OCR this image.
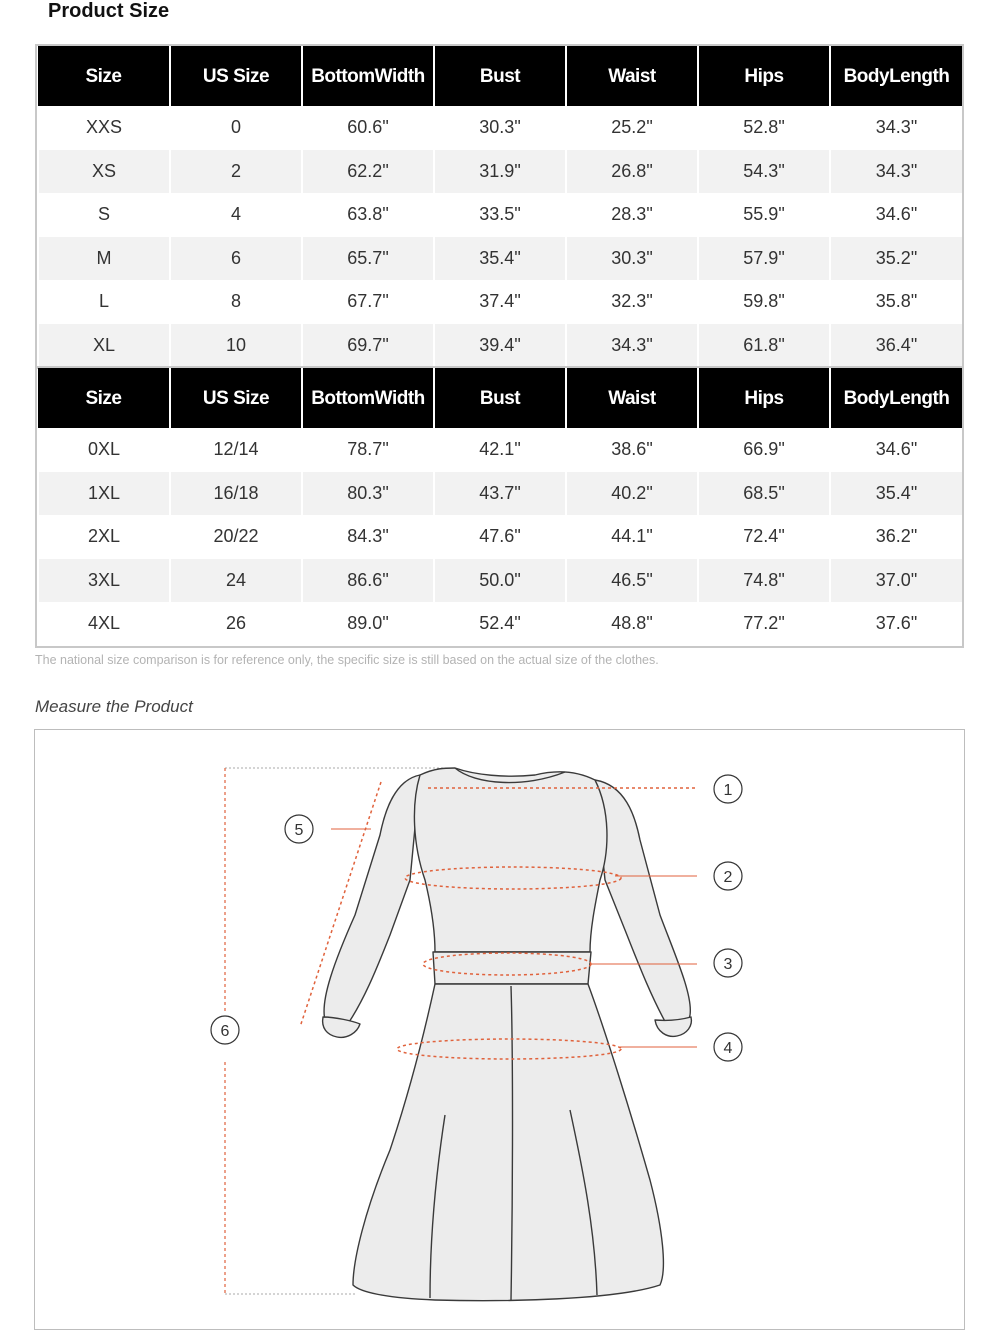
Product Size
Size	US Size	BottomWidth	Bust	Waist	Hips	BodyLength
XXS	0	60.6"	30.3"	25.2"	52.8"	34.3"
XS	2	62.2"	31.9"	26.8"	54.3"	34.3"
S	4	63.8"	33.5"	28.3"	55.9"	34.6"
M	6	65.7"	35.4"	30.3"	57.9"	35.2"
L	8	67.7"	37.4"	32.3"	59.8"	35.8"
XL	10	69.7"	39.4"	34.3"	61.8"	36.4"
Size	US Size	BottomWidth	Bust	Waist	Hips	BodyLength
0XL	12/14	78.7"	42.1"	38.6"	66.9"	34.6"
1XL	16/18	80.3"	43.7"	40.2"	68.5"	35.4"
2XL	20/22	84.3"	47.6"	44.1"	72.4"	36.2"
3XL	24	86.6"	50.0"	46.5"	74.8"	37.0"
4XL	26	89.0"	52.4"	48.8"	77.2"	37.6"
The national size comparison is for reference only, the specific size is still based on the actual size of the clothes.
Measure the Product
1
2
3
4
5
6
